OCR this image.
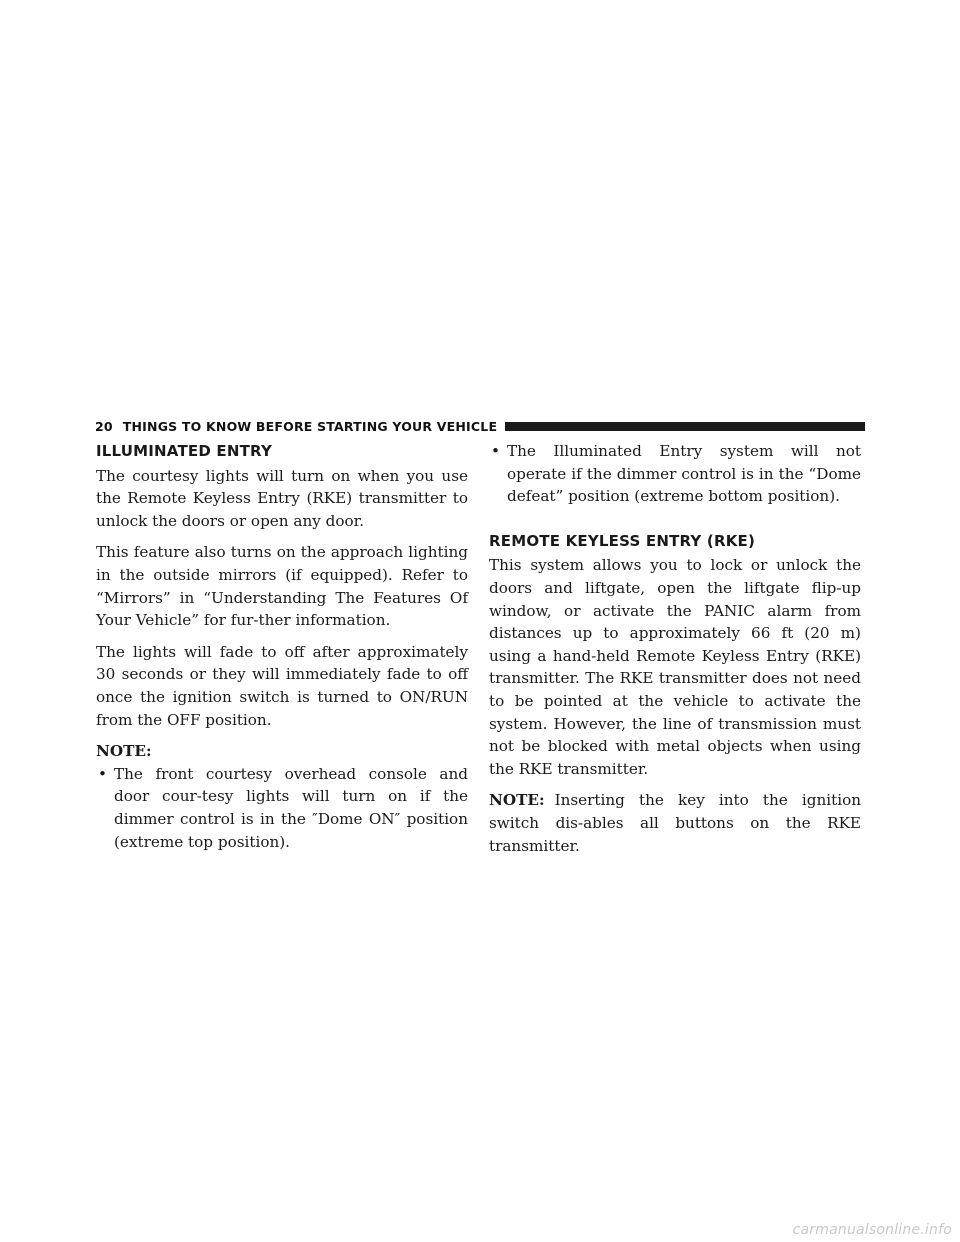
20 THINGS TO KNOW BEFORE STARTING YOUR VEHICLE
ILLUMINATED ENTRY

The courtesy lights will turn on when you use the Remote Keyless Entry (RKE) transmitter to unlock the doors or open any door.

This feature also turns on the approach lighting in the outside mirrors (if equipped). Refer to “Mirrors” in “Understanding The Features Of Your Vehicle” for fur-ther information.

The lights will fade to off after approximately 30 seconds or they will immediately fade to off once the ignition switch is turned to ON/RUN from the OFF position.

NOTE:
• The front courtesy overhead console and door cour-tesy lights will turn on if the dimmer control is in the ″Dome ON″ position (extreme top position).
• The Illuminated Entry system will not operate if the dimmer control is in the “Dome defeat” position (extreme bottom position).
REMOTE KEYLESS ENTRY (RKE)

This system allows you to lock or unlock the doors and liftgate, open the liftgate flip-up window, or activate the PANIC alarm from distances up to approximately 66 ft (20 m) using a hand-held Remote Keyless Entry (RKE) transmitter. The RKE transmitter does not need to be pointed at the vehicle to activate the system. However, the line of transmission must not be blocked with metal objects when using the RKE transmitter.

NOTE: Inserting the key into the ignition switch dis-ables all buttons on the RKE transmitter.

carmanualsonline.info
